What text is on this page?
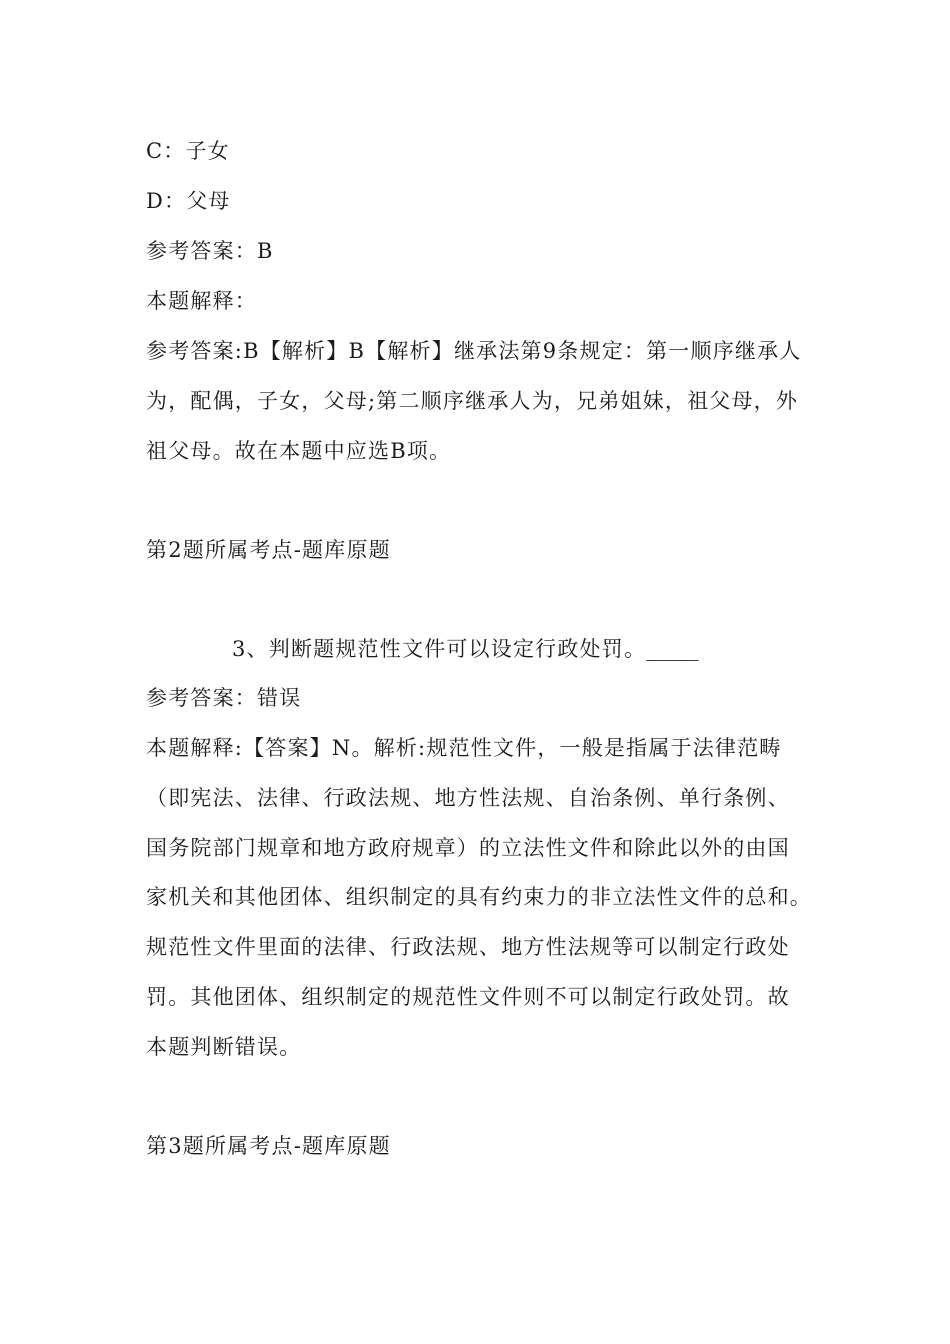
C：子女
D：父母
参考答案：B
本题解释：
参考答案:B【解析】B【解析】继承法第9条规定：第一顺序继承人
为，配偶，子女，父母;第二顺序继承人为，兄弟姐妹，祖父母，外
祖父母。故在本题中应选B项。
第2题所属考点-题库原题
3、判断题规范性文件可以设定行政处罚。_____
参考答案：错误
本题解释:【答案】N。解析:规范性文件，一般是指属于法律范畴
（即宪法、法律、行政法规、地方性法规、自治条例、单行条例、
国务院部门规章和地方政府规章）的立法性文件和除此以外的由国
家机关和其他团体、组织制定的具有约束力的非立法性文件的总和。
规范性文件里面的法律、行政法规、地方性法规等可以制定行政处
罚。其他团体、组织制定的规范性文件则不可以制定行政处罚。故
本题判断错误。
第3题所属考点-题库原题
